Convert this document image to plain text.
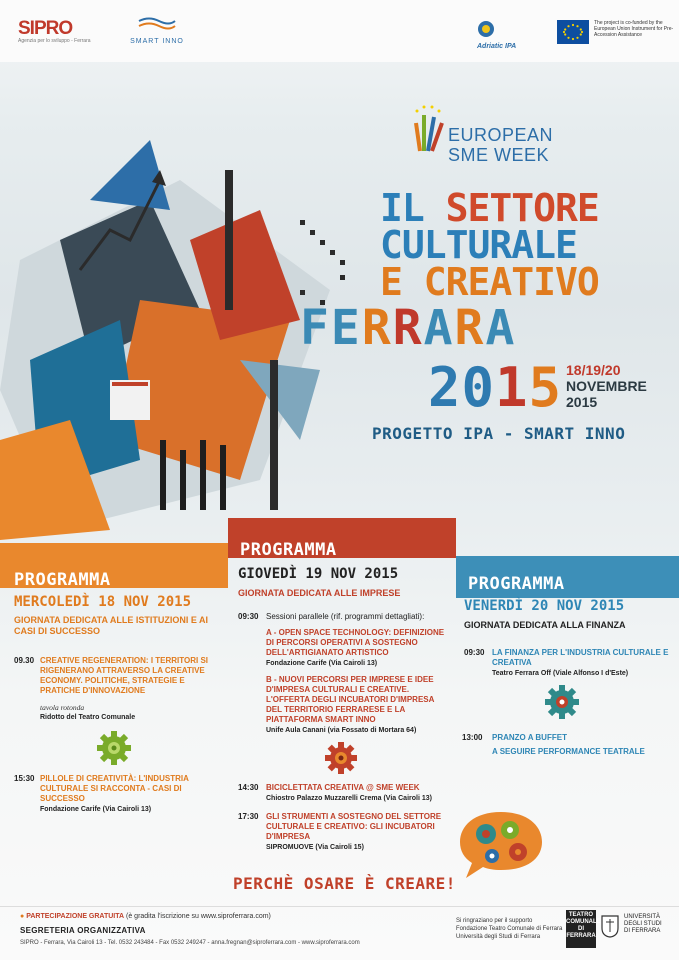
SIPRO
Agenzia per lo sviluppo - Ferrara	SMART INNO
Adriatic IPA
The project is co-funded by the European Union Instrument for Pre-Accession Assistance
EUROPEAN
SME WEEK
IL SETTORE
CULTURALE
E CREATIVO
FERRARA
2015 18/19/20
NOVEMBRE
2015
PROGETTO IPA - SMART INNO
PROGRAMMA
PROGRAMMA
PROGRAMMA
MERCOLEDÌ 18 NOV 2015
GIORNATA DEDICATA ALLE ISTITUZIONI E AI CASI DI SUCCESSO
09.30 CREATIVE REGENERATION: I TERRITORI SI RIGENERANO ATTRAVERSO LA CREATIVE ECONOMY. POLITICHE, STRATEGIE E PRATICHE D'INNOVAZIONE
tavola rotonda
Ridotto del Teatro Comunale
15:30 PILLOLE DI CREATIVITÀ: L'INDUSTRIA CULTURALE SI RACCONTA - CASI DI SUCCESSO
Fondazione Carife (Via Cairoli 13)
GIOVEDÌ 19 NOV 2015
GIORNATA DEDICATA ALLE IMPRESE
09:30 Sessioni parallele (rif. programmi dettagliati):
A - OPEN SPACE TECHNOLOGY: DEFINIZIONE DI PERCORSI OPERATIVI A SOSTEGNO DELL'ARTIGIANATO ARTISTICO
Fondazione Carife (Via Cairoli 13)
B - NUOVI PERCORSI PER IMPRESE E IDEE D'IMPRESA CULTURALI E CREATIVE. L'OFFERTA DEGLI INCUBATORI D'IMPRESA DEL TERRITORIO FERRARESE E LA PIATTAFORMA SMART INNO
Unife Aula Canani (via Fossato di Mortara 64)
14:30 BICICLETTATA CREATIVA @ SME WEEK
Chiostro Palazzo Muzzarelli Crema (Via Cairoli 13)
17:30 GLI STRUMENTI A SOSTEGNO DEL SETTORE CULTURALE E CREATIVO: GLI INCUBATORI D'IMPRESA
SIPROMUOVE (Via Cairoli 15)
VENERDÌ 20 NOV 2015
GIORNATA DEDICATA ALLA FINANZA
09:30 LA FINANZA PER L'INDUSTRIA CULTURALE E CREATIVA
Teatro Ferrara Off (Viale Alfonso I d'Este)
13:00 PRANZO A BUFFET
A SEGUIRE PERFORMANCE TEATRALE
PERCHÈ OSARE È CREARE!
● PARTECIPAZIONE GRATUITA (è gradita l'iscrizione su www.siproferrara.com)
SEGRETERIA ORGANIZZATIVA
SIPRO - Ferrara, Via Cairoli 13 - Tel. 0532 243484 - Fax 0532 249247 - anna.fregnan@siproferrara.com - www.siproferrara.com
Si ringraziano per il supporto
Fondazione Teatro Comunale di Ferrara
Università degli Studi di Ferrara
TEATRO COMUNALE DI FERRARA
UNIVERSITÀ
DEGLI STUDI
DI FERRARA
